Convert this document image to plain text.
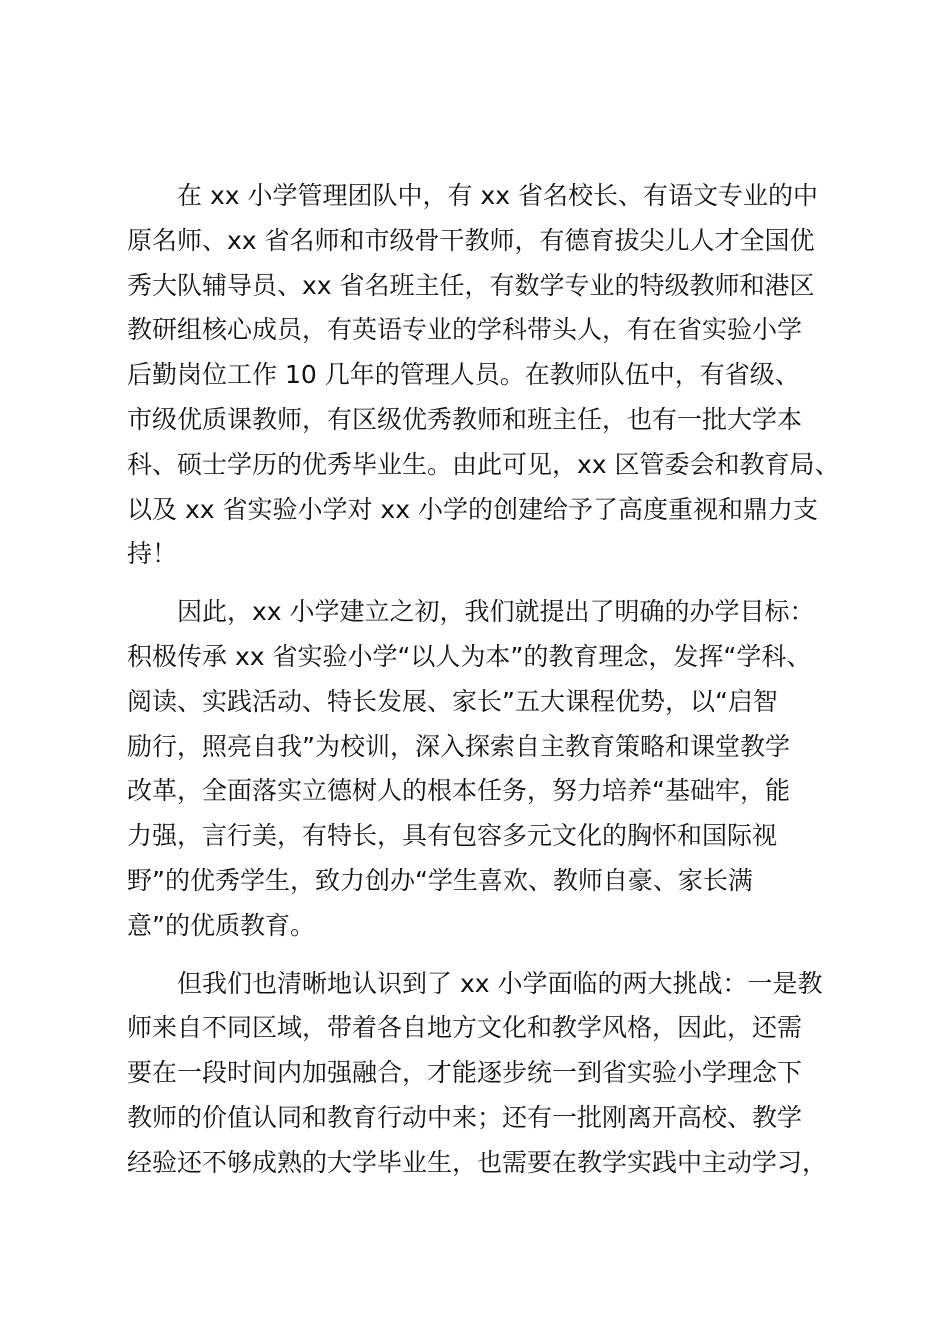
在 xx 小学管理团队中，有 xx 省名校长、有语文专业的中
原名师、xx 省名师和市级骨干教师，有德育拔尖儿人才全国优
秀大队辅导员、xx 省名班主任，有数学专业的特级教师和港区
教研组核心成员，有英语专业的学科带头人，有在省实验小学
后勤岗位工作 10 几年的管理人员。在教师队伍中，有省级、
市级优质课教师，有区级优秀教师和班主任，也有一批大学本
科、硕士学历的优秀毕业生。由此可见，xx 区管委会和教育局、
以及 xx 省实验小学对 xx 小学的创建给予了高度重视和鼎力支
持！
因此，xx 小学建立之初，我们就提出了明确的办学目标：
积极传承 xx 省实验小学“以人为本”的教育理念，发挥“学科、
阅读、实践活动、特长发展、家长”五大课程优势，以“启智
励行，照亮自我”为校训，深入探索自主教育策略和课堂教学
改革，全面落实立德树人的根本任务，努力培养“基础牢，能
力强，言行美，有特长，具有包容多元文化的胸怀和国际视
野”的优秀学生，致力创办“学生喜欢、教师自豪、家长满
意”的优质教育。
但我们也清晰地认识到了 xx 小学面临的两大挑战：一是教
师来自不同区域，带着各自地方文化和教学风格，因此，还需
要在一段时间内加强融合，才能逐步统一到省实验小学理念下
教师的价值认同和教育行动中来；还有一批刚离开高校、教学
经验还不够成熟的大学毕业生，也需要在教学实践中主动学习，
